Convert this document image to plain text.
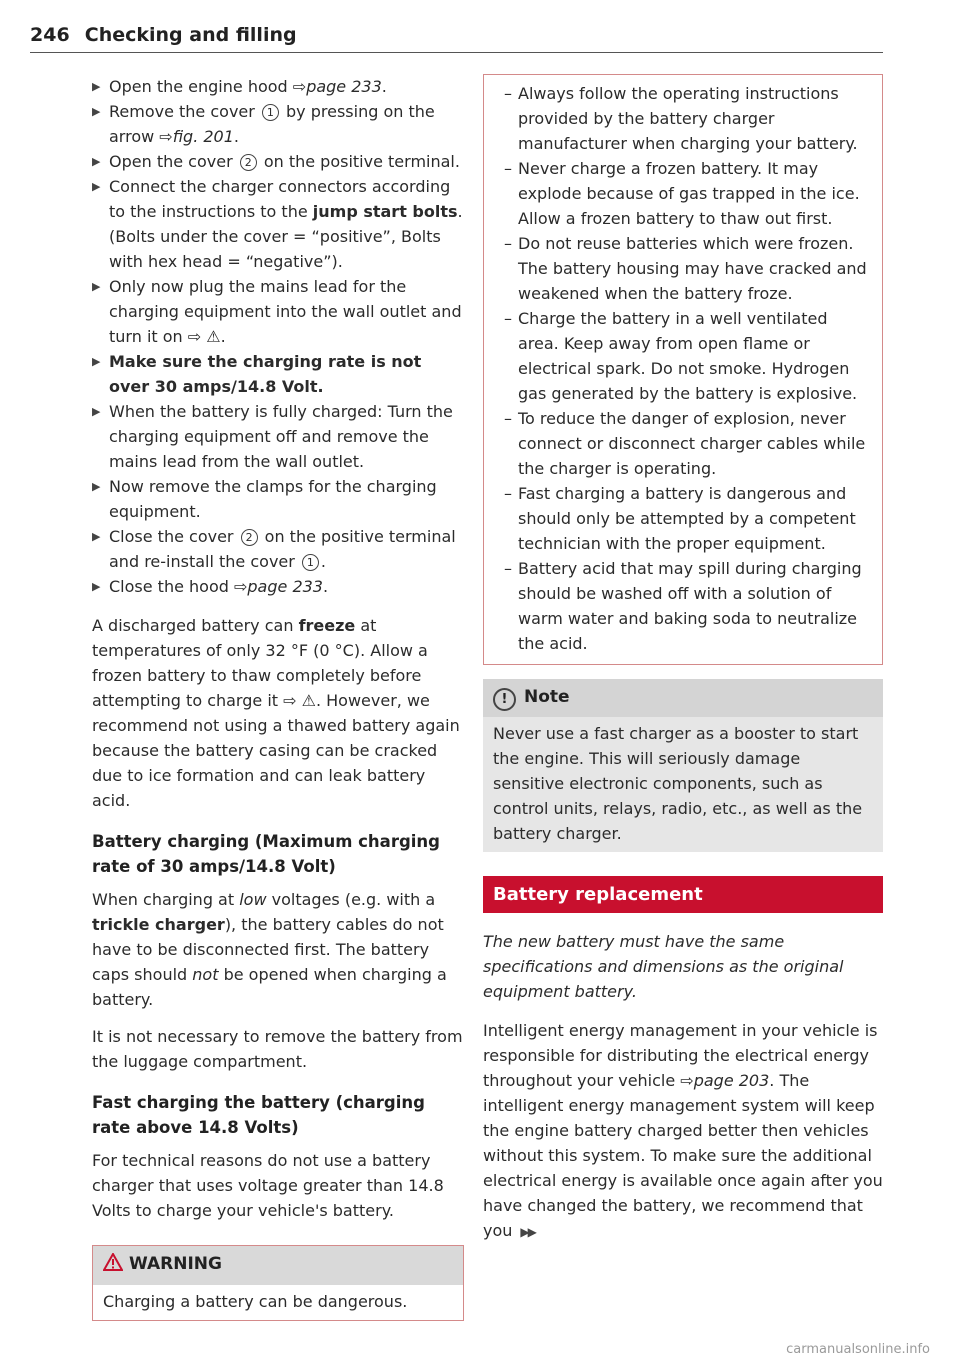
246 Checking and filling
▶ Open the engine hood ⇨page 233.
▶ Remove the cover 1 by pressing on the arrow ⇨fig. 201.
▶ Open the cover 2 on the positive terminal.
▶ Connect the charger connectors according to the instructions to the jump start bolts. (Bolts under the cover = “positive”, Bolts with hex head = “negative”).
▶ Only now plug the mains lead for the charging equipment into the wall outlet and turn it on ⇨ ⚠.
▶ Make sure the charging rate is not over 30 amps/14.8 Volt.
▶ When the battery is fully charged: Turn the charging equipment off and remove the mains lead from the wall outlet.
▶ Now remove the clamps for the charging equipment.
▶ Close the cover 2 on the positive terminal and re-install the cover 1 .
▶ Close the hood ⇨page 233.

A discharged battery can freeze at temperatures of only 32 °F (0 °C). Allow a frozen battery to thaw completely before attempting to charge it ⇨ ⚠. However, we recommend not using a thawed battery again because the battery casing can be cracked due to ice formation and can leak battery acid.

Battery charging (Maximum charging rate of 30 amps/14.8 Volt)

When charging at low voltages (e.g. with a trickle charger), the battery cables do not have to be disconnected first. The battery caps should not be opened when charging a battery.

It is not necessary to remove the battery from the luggage compartment.

Fast charging the battery (charging rate above 14.8 Volts)

For technical reasons do not use a battery charger that uses voltage greater than 14.8 Volts to charge your vehicle's battery.

WARNING
Charging a battery can be dangerous.
– Always follow the operating instructions provided by the battery charger manufacturer when charging your battery.
– Never charge a frozen battery. It may explode because of gas trapped in the ice. Allow a frozen battery to thaw out first.
– Do not reuse batteries which were frozen. The battery housing may have cracked and weakened when the battery froze.
– Charge the battery in a well ventilated area. Keep away from open flame or electrical spark. Do not smoke. Hydrogen gas generated by the battery is explosive.
– To reduce the danger of explosion, never connect or disconnect charger cables while the charger is operating.
– Fast charging a battery is dangerous and should only be attempted by a competent technician with the proper equipment.
– Battery acid that may spill during charging should be washed off with a solution of warm water and baking soda to neutralize the acid.
! Note
Never use a fast charger as a booster to start the engine. This will seriously damage sensitive electronic components, such as control units, relays, radio, etc., as well as the battery charger.
Battery replacement

The new battery must have the same specifications and dimensions as the original equipment battery.

Intelligent energy management in your vehicle is responsible for distributing the electrical energy throughout your vehicle ⇨page 203. The intelligent energy management system will keep the engine battery charged better then vehicles without this system. To make sure the additional electrical energy is available once again after you have changed the battery, we recommend that you ▶▶

carmanualsonline.info
